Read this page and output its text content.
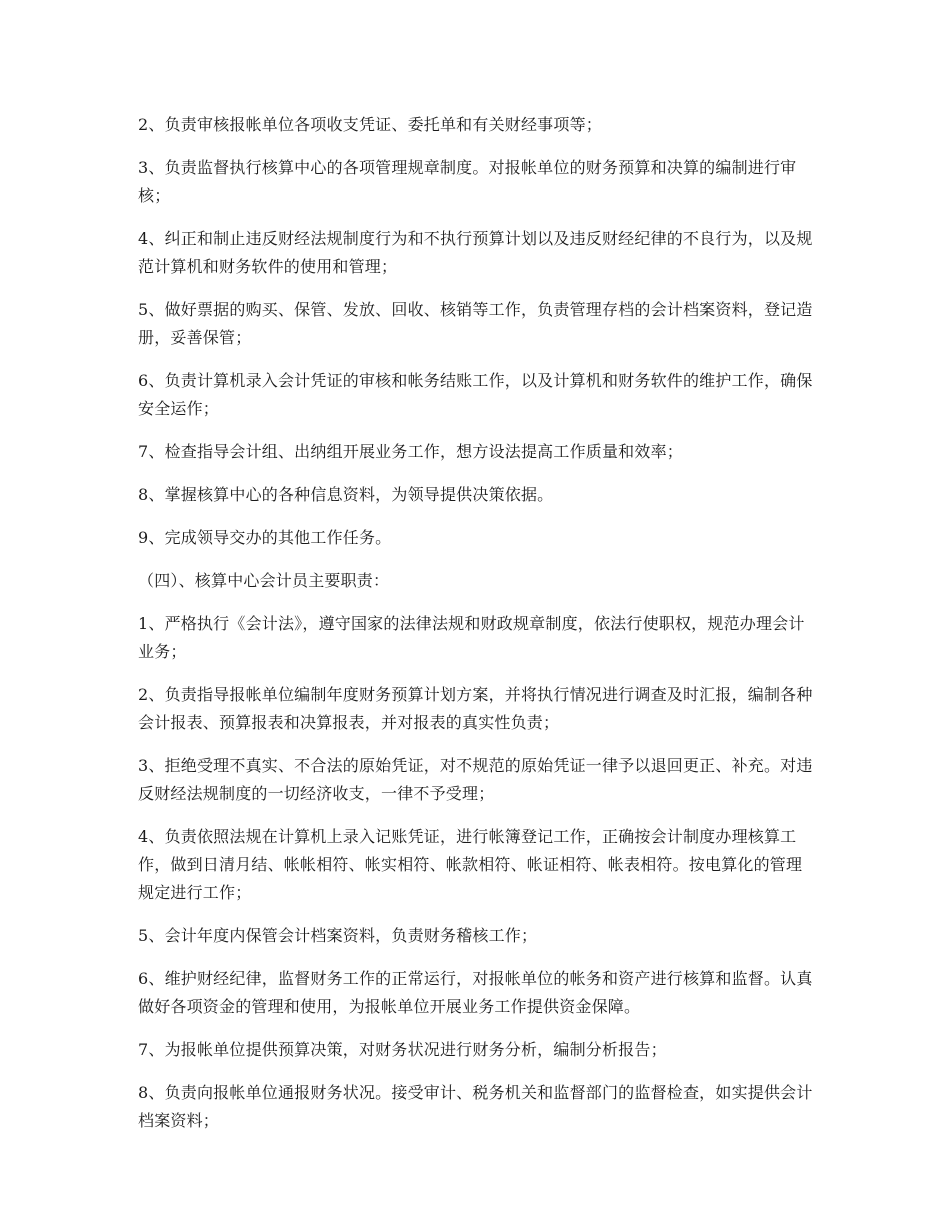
2、负责审核报帐单位各项收支凭证、委托单和有关财经事项等；

3、负责监督执行核算中心的各项管理规章制度。对报帐单位的财务预算和决算的编制进行审核；

4、纠正和制止违反财经法规制度行为和不执行预算计划以及违反财经纪律的不良行为，以及规范计算机和财务软件的使用和管理；

5、做好票据的购买、保管、发放、回收、核销等工作，负责管理存档的会计档案资料，登记造册，妥善保管；

6、负责计算机录入会计凭证的审核和帐务结账工作，以及计算机和财务软件的维护工作，确保安全运作；

7、检查指导会计组、出纳组开展业务工作，想方设法提高工作质量和效率；

8、掌握核算中心的各种信息资料，为领导提供决策依据。

9、完成领导交办的其他工作任务。

（四）、核算中心会计员主要职责：

1、严格执行《会计法》，遵守国家的法律法规和财政规章制度，依法行使职权，规范办理会计业务；

2、负责指导报帐单位编制年度财务预算计划方案，并将执行情况进行调查及时汇报，编制各种会计报表、预算报表和决算报表，并对报表的真实性负责；

3、拒绝受理不真实、不合法的原始凭证，对不规范的原始凭证一律予以退回更正、补充。对违反财经法规制度的一切经济收支，一律不予受理；

4、负责依照法规在计算机上录入记账凭证，进行帐簿登记工作，正确按会计制度办理核算工作，做到日清月结、帐帐相符、帐实相符、帐款相符、帐证相符、帐表相符。按电算化的管理规定进行工作；

5、会计年度内保管会计档案资料，负责财务稽核工作；

6、维护财经纪律，监督财务工作的正常运行，对报帐单位的帐务和资产进行核算和监督。认真做好各项资金的管理和使用，为报帐单位开展业务工作提供资金保障。

7、为报帐单位提供预算决策，对财务状况进行财务分析，编制分析报告；

8、负责向报帐单位通报财务状况。接受审计、税务机关和监督部门的监督检查，如实提供会计档案资料；
